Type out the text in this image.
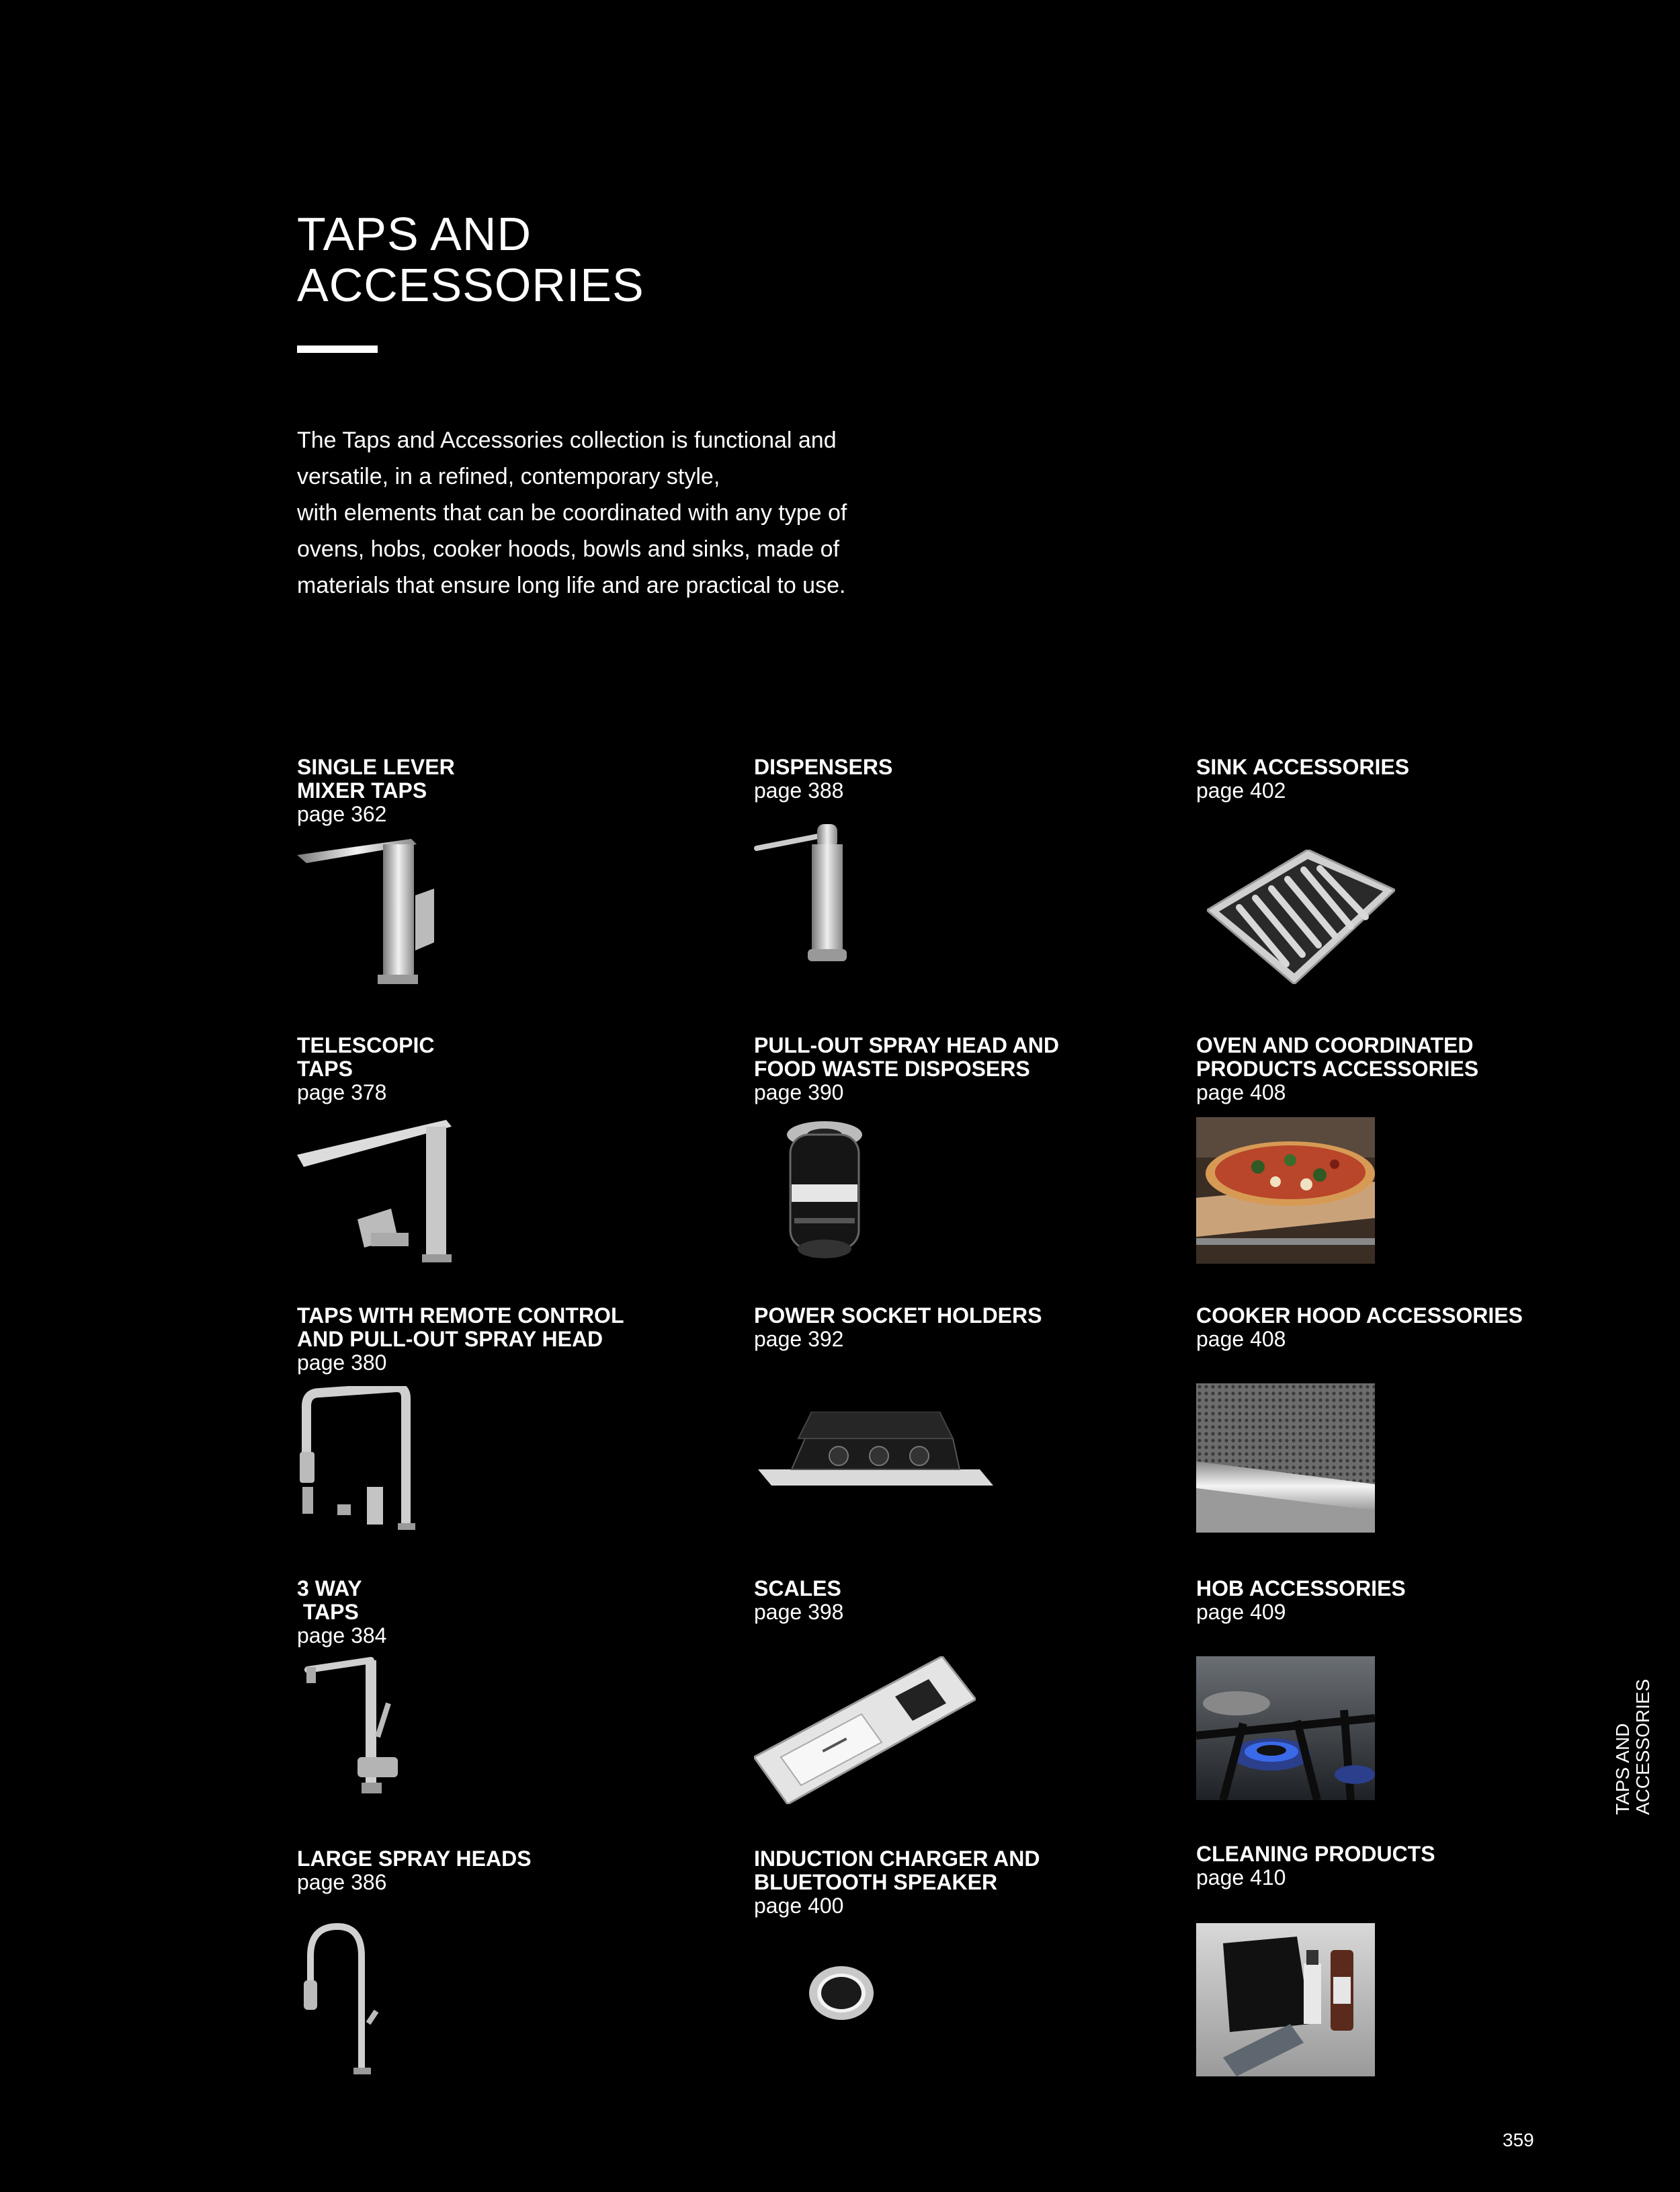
TAPS AND
ACCESSORIES
The Taps and Accessories collection is functional and
versatile, in a refined, contemporary style,
with elements that can be coordinated with any type of
ovens, hobs, cooker hoods, bowls and sinks, made of
materials that ensure long life and are practical to use.
SINGLE LEVER
MIXER TAPS
page 362
DISPENSERS
page 388
SINK ACCESSORIES
page 402
TELESCOPIC
TAPS
page 378
PULL-OUT SPRAY HEAD AND
FOOD WASTE DISPOSERS
page 390
OVEN AND COORDINATED
PRODUCTS ACCESSORIES
page 408
TAPS WITH REMOTE CONTROL
AND PULL-OUT SPRAY HEAD
page 380
POWER SOCKET HOLDERS
page 392
COOKER HOOD ACCESSORIES
page 408
3 WAY
TAPS
page 384
SCALES
page 398
HOB ACCESSORIES
page 409
LARGE SPRAY HEADS
page 386
INDUCTION CHARGER AND
BLUETOOTH SPEAKER
page 400
CLEANING PRODUCTS
page 410
TAPS AND ACCESSORIES
359
